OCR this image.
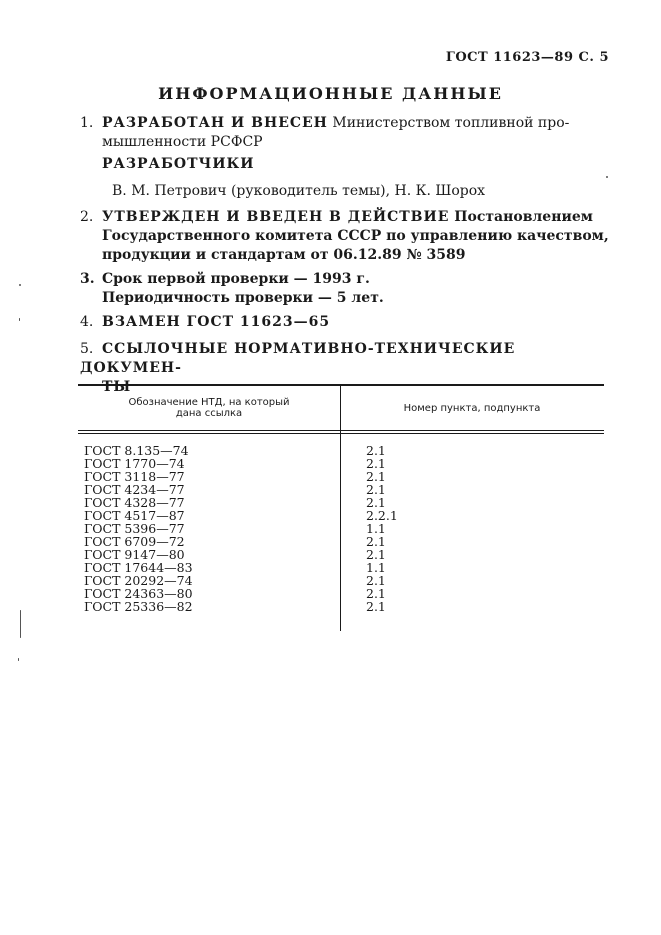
ГОСТ 11623—89 С. 5
ИНФОРМАЦИОННЫЕ ДАННЫЕ
1. РАЗРАБОТАН И ВНЕСЕН Министерством топливной про-
мышленности РСФСР
РАЗРАБОТЧИКИ
В. М. Петрович (руководитель темы), Н. К. Шорох
2. УТВЕРЖДЕН И ВВЕДЕН В ДЕЙСТВИЕ Постановлением
Государственного комитета СССР по управлению качеством,
продукции и стандартам от 06.12.89 № 3589
3. Срок первой проверки — 1993 г.
Периодичность проверки — 5 лет.
4. ВЗАМЕН ГОСТ 11623—65
5. ССЫЛОЧНЫЕ НОРМАТИВНО-ТЕХНИЧЕСКИЕ ДОКУМЕН-
ТЫ
Обозначение НТД, на который
дана ссылка	Номер пункта, подпункта
ГОСТ 8.135—74	2.1
ГОСТ 1770—74	2.1
ГОСТ 3118—77	2.1
ГОСТ 4234—77	2.1
ГОСТ 4328—77	2.1
ГОСТ 4517—87	2.2.1
ГОСТ 5396—77	1.1
ГОСТ 6709—72	2.1
ГОСТ 9147—80	2.1
ГОСТ 17644—83	1.1
ГОСТ 20292—74	2.1
ГОСТ 24363—80	2.1
ГОСТ 25336—82	2.1
